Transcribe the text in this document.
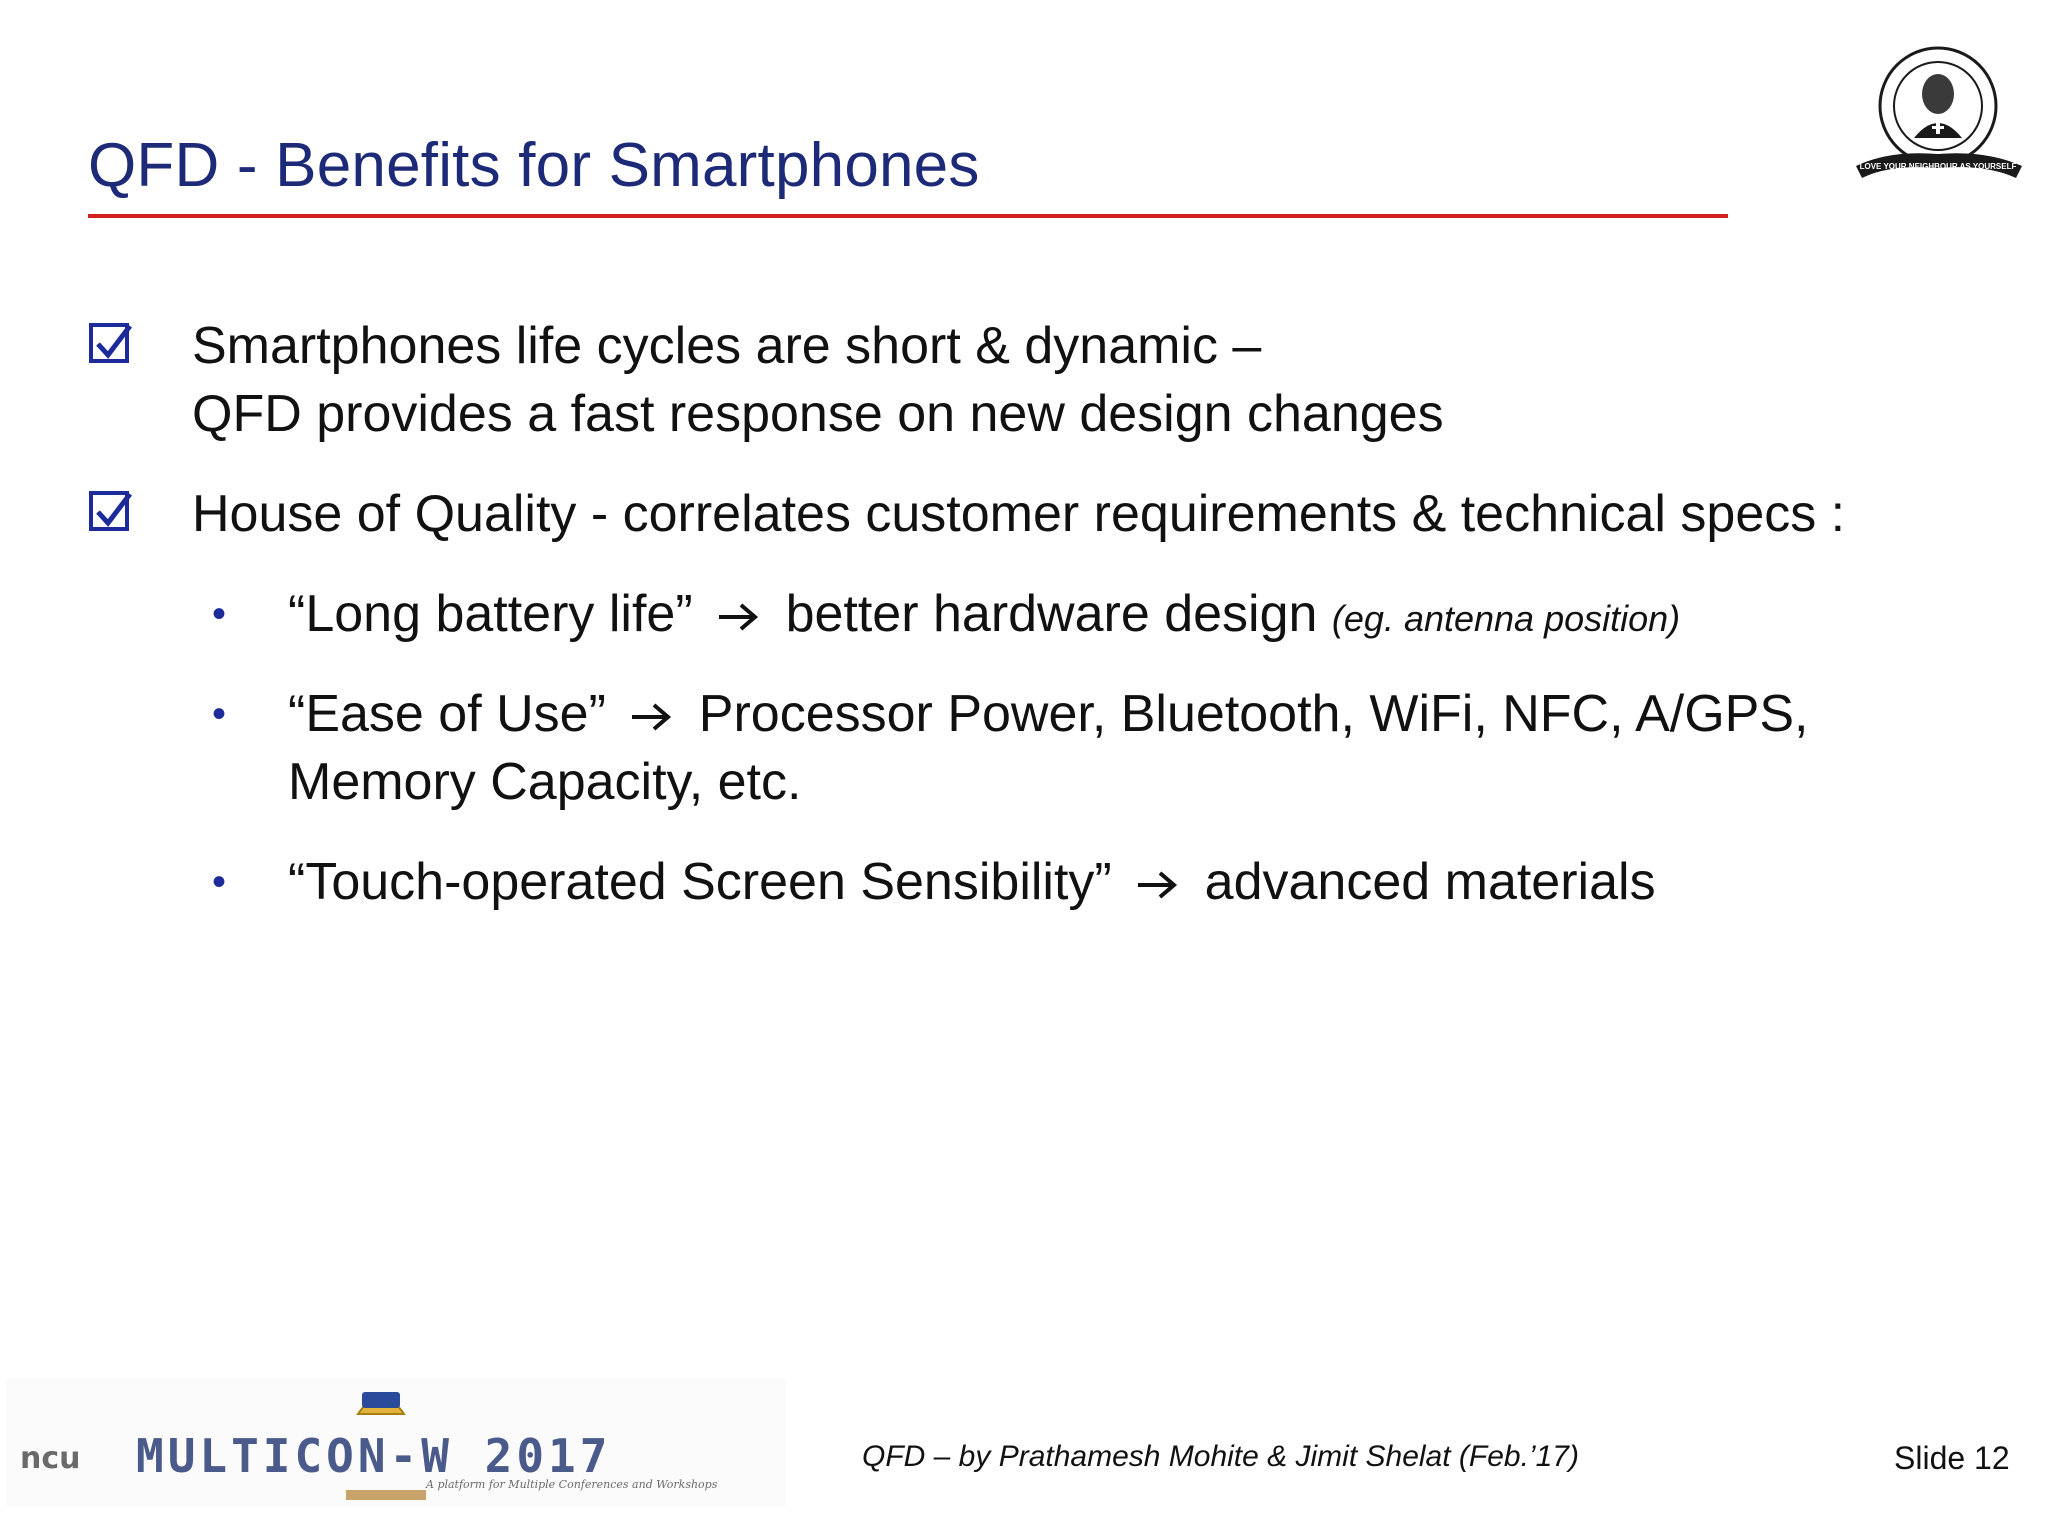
QFD - Benefits for Smartphones	LOVE YOUR NEIGHBOUR AS YOURSELF
Smartphones life cycles are short & dynamic –
QFD provides a fast response on new design changes
House of Quality - correlates customer requirements & technical specs :
• “Long battery life” better hardware design (eg. antenna position)
• “Ease of Use” Processor Power, Bluetooth, WiFi, NFC, A/GPS,
Memory Capacity, etc.
• “Touch-operated Screen Sensibility” advanced materials
ncu MULTICON-W 2017
A platform for Multiple Conferences and Workshops
QFD – by Prathamesh Mohite & Jimit Shelat (Feb.’17)	Slide 12
